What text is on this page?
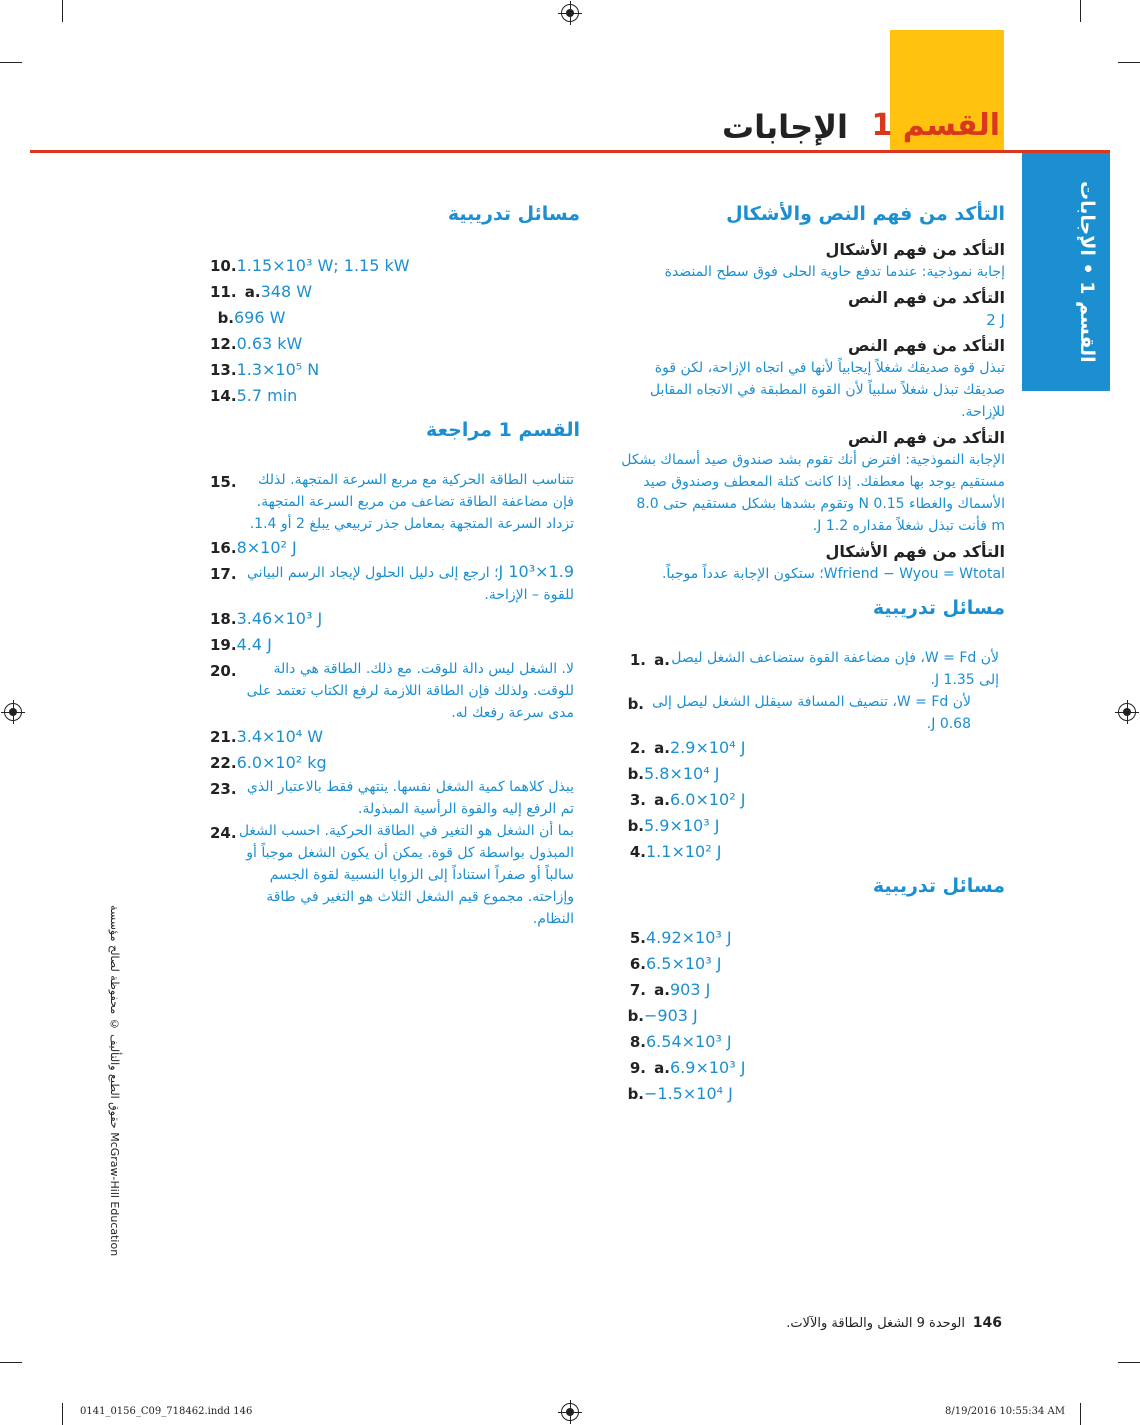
القسم 1
الإجابات
القسم 1 • الإجابات
التأكد من فهم النص والأشكال
التأكد من فهم الأشكال
إجابة نموذجية: عندما تدفع حاوية الحلى فوق سطح المنضدة
التأكد من فهم النص
2 J
التأكد من فهم النص
تبذل قوة صديقك شغلاً إيجابياً لأنها في اتجاه الإزاحة، لكن قوة صديقك تبذل شغلاً سلبياً لأن القوة المطبقة في الاتجاه المقابل للإزاحة.
التأكد من فهم النص
الإجابة النموذجية: افترض أنك تقوم بشد صندوق صيد أسماك بشكل مستقيم يوجد بها معطفك. إذا كانت كتلة المعطف وصندوق صيد الأسماك والغطاء 0.15 N وتقوم بشدها بشكل مستقيم حتى 8.0 m فأنت تبذل شغلاً مقداره 1.2 J.
التأكد من فهم الأشكال
Wfriend − Wyou = Wtotal؛ ستكون الإجابة عدداً موجباً.
مسائل تدريبية
1. a. لأن W = Fd، فإن مضاعفة القوة ستضاعف الشغل ليصل إلى 1.35 J.
b. لأن W = Fd، تنصيف المسافة سيقلل الشغل ليصل إلى 0.68 J.
2. a. 2.9×10⁴ J
b. 5.8×10⁴ J
3. a. 6.0×10² J
b. 5.9×10³ J
4. 1.1×10² J
مسائل تدريبية
5. 4.92×10³ J
6. 6.5×10³ J
7. a. 903 J
b. −903 J
8. 6.54×10³ J
9. a. 6.9×10³ J
b. −1.5×10⁴ J
مسائل تدريبية
10. 1.15×10³ W; 1.15 kW
11. a. 348 W
b. 696 W
12. 0.63 kW
13. 1.3×10⁵ N
14. 5.7 min
القسم 1 مراجعة
15.	تتناسب الطاقة الحركية مع مربع السرعة المتجهة. لذلك فإن مضاعفة الطاقة تضاعف من مربع السرعة المتجهة. تزداد السرعة المتجهة بمعامل جذر تربيعي يبلغ 2 أو 1.4.
16. 8×10² J
17.	1.9×10³ J؛ ارجع إلى دليل الحلول لإيجاد الرسم البياني للقوة – الإزاحة.
18. 3.46×10³ J
19. 4.4 J
20.	لا. الشغل ليس دالة للوقت. مع ذلك. الطاقة هي دالة للوقت. ولذلك فإن الطاقة اللازمة لرفع الكتاب تعتمد على مدى سرعة رفعك له.
21. 3.4×10⁴ W
22. 6.0×10² kg
23. يبذل كلاهما كمية الشغل نفسها. ينتهي فقط بالاعتبار الذي تم الرفع إليه والقوة الرأسية المبذولة.
24. بما أن الشغل هو التغير في الطاقة الحركية. احسب الشغل المبذول بواسطة كل قوة. يمكن أن يكون الشغل موجباً أو سالباً أو صفراً استناداً إلى الزوايا النسبية لقوة الجسم وإزاحته. مجموع قيم الشغل الثلاث هو التغير في طاقة النظام.
حقوق الطبع والتأليف © محفوظة لصالح مؤسسة McGraw-Hill Education
146
الوحدة 9 الشغل والطاقة والآلات.
0141_0156_C09_718462.indd 146	8/19/2016 10:55:34 AM
